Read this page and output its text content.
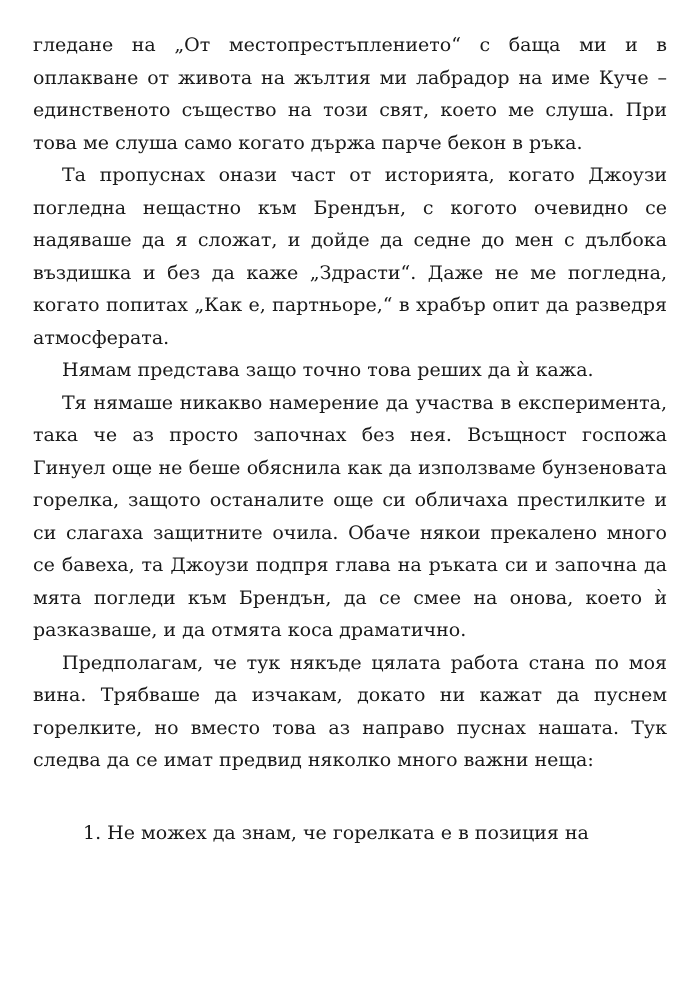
гледане на „От местопрестъплението“ с баща ми и в оплакване от живота на жълтия ми лабрадор на име Куче – единственото същество на този свят, което ме слуша. При това ме слуша само когато държа парче бекон в ръка.

Та пропуснах онази част от историята, когато Джоузи погледна нещастно към Брендън, с когото очевидно се надяваше да я сложат, и дойде да седне до мен с дълбока въздишка и без да каже „Здрасти“. Даже не ме погледна, когато попитах „Как е, партньоре,“ в храбър опит да разведря атмосферата.

Нямам представа защо точно това реших да ѝ кажа.

Тя нямаше никакво намерение да участва в експеримента, така че аз просто започнах без нея. Всъщност госпожа Гинуел още не беше обяснила как да използваме бунзеновата горелка, защото останалите още си обличаха престилките и си слагаха защитните очила. Обаче някои прекалено много се бавеха, та Джоузи подпря глава на ръката си и започна да мята погледи към Брендън, да се смее на онова, което ѝ разказваше, и да отмята коса драматично.

Предполагам, че тук някъде цялата работа стана по моя вина. Трябваше да изчакам, докато ни кажат да пуснем горелките, но вместо това аз направо пуснах нашата. Тук следва да се имат предвид няколко много важни неща:

1. Не можех да знам, че горелката е в позиция на
